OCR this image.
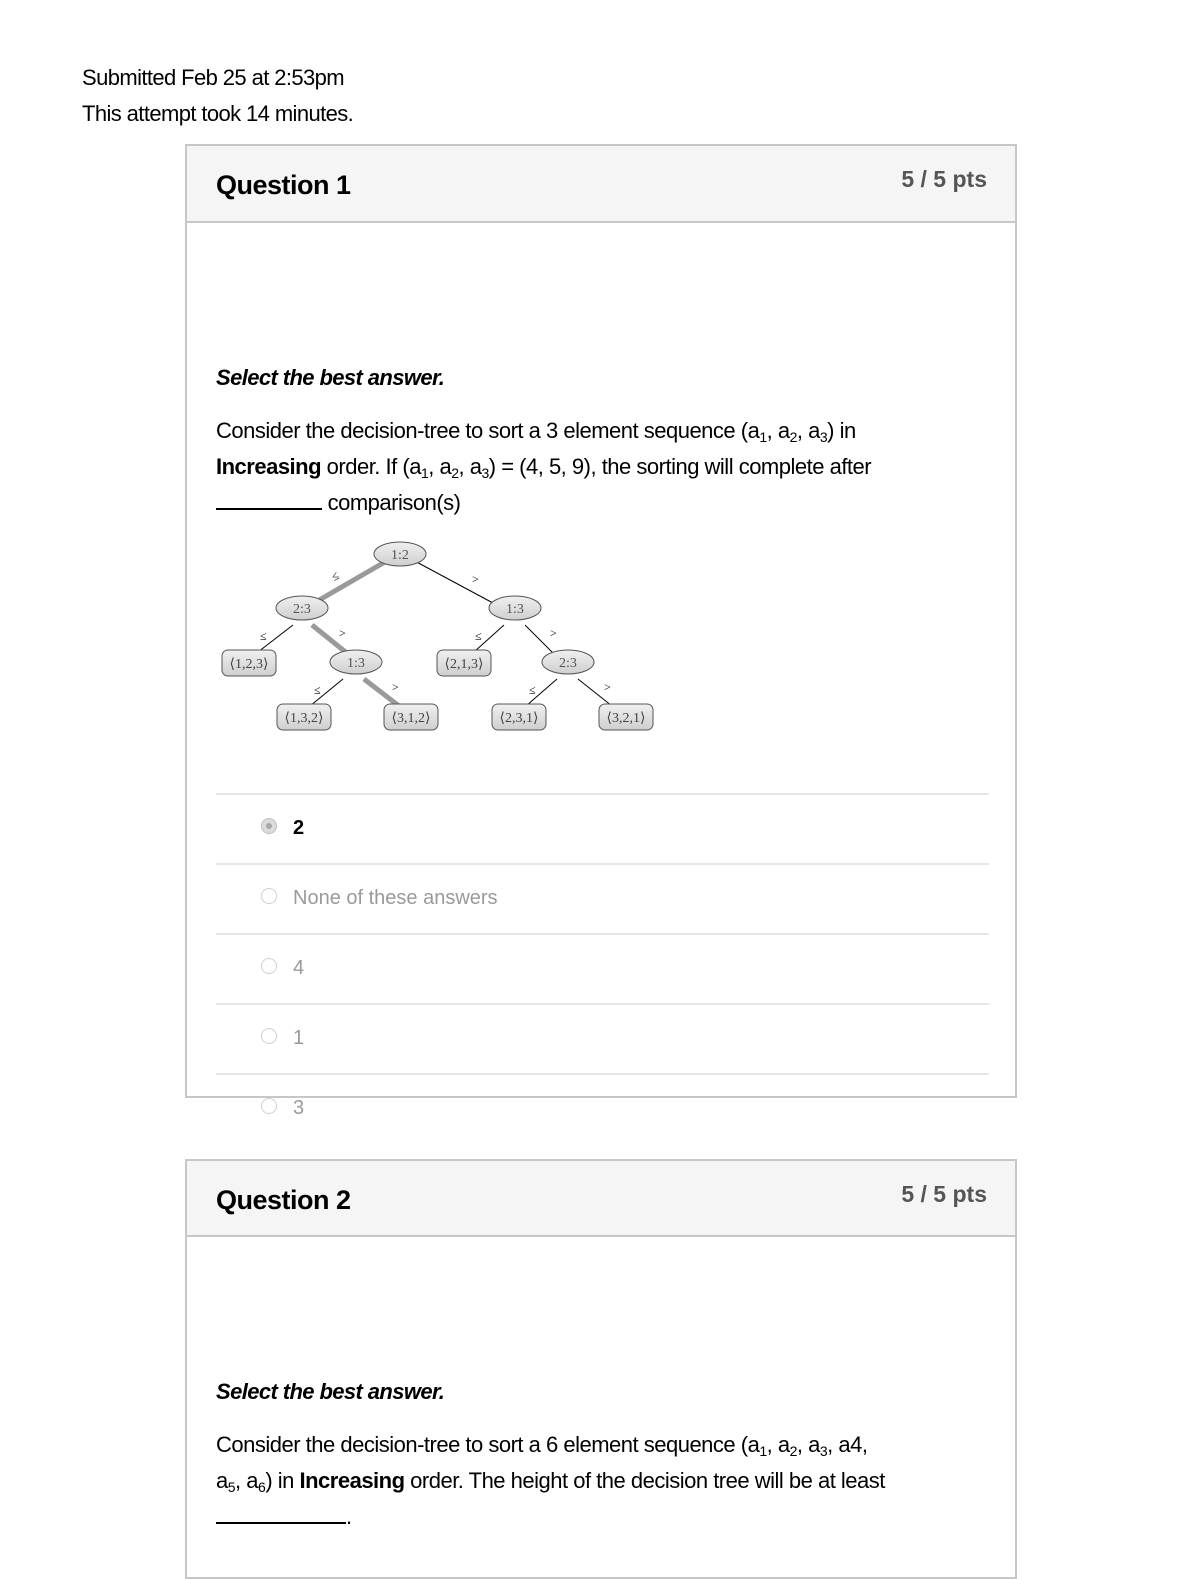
Submitted Feb 25 at 2:53pm
This attempt took 14 minutes.
Question 1	5 / 5 pts
Select the best answer.
Consider the decision-tree to sort a 3 element sequence ($a_1$, $a_2$, $a_3$) in
Increasing order. If ($a_1$, $a_2$, $a_3) = (4$, 5, 9), the sorting will complete after
comparison(s)
≤	>
≤	>	≤	>
≤	>	≤	>
1:2
2:3	1:3
1:3	2:3
⟨1,2,3⟩
⟨1,3,2⟩	⟨3,1,2⟩
⟨2,1,3⟩
⟨2,3,1⟩	⟨3,2,1⟩
2
None of these answers
4
1
3
Question 2	5 / 5 pts
Select the best answer.
Consider the decision-tree to sort a 6 element sequence ($a_1$, $a_2$, $a_3$, a4,
$a_5$, $a_6$) in Increasing order. The height of the decision tree will be at least
.
